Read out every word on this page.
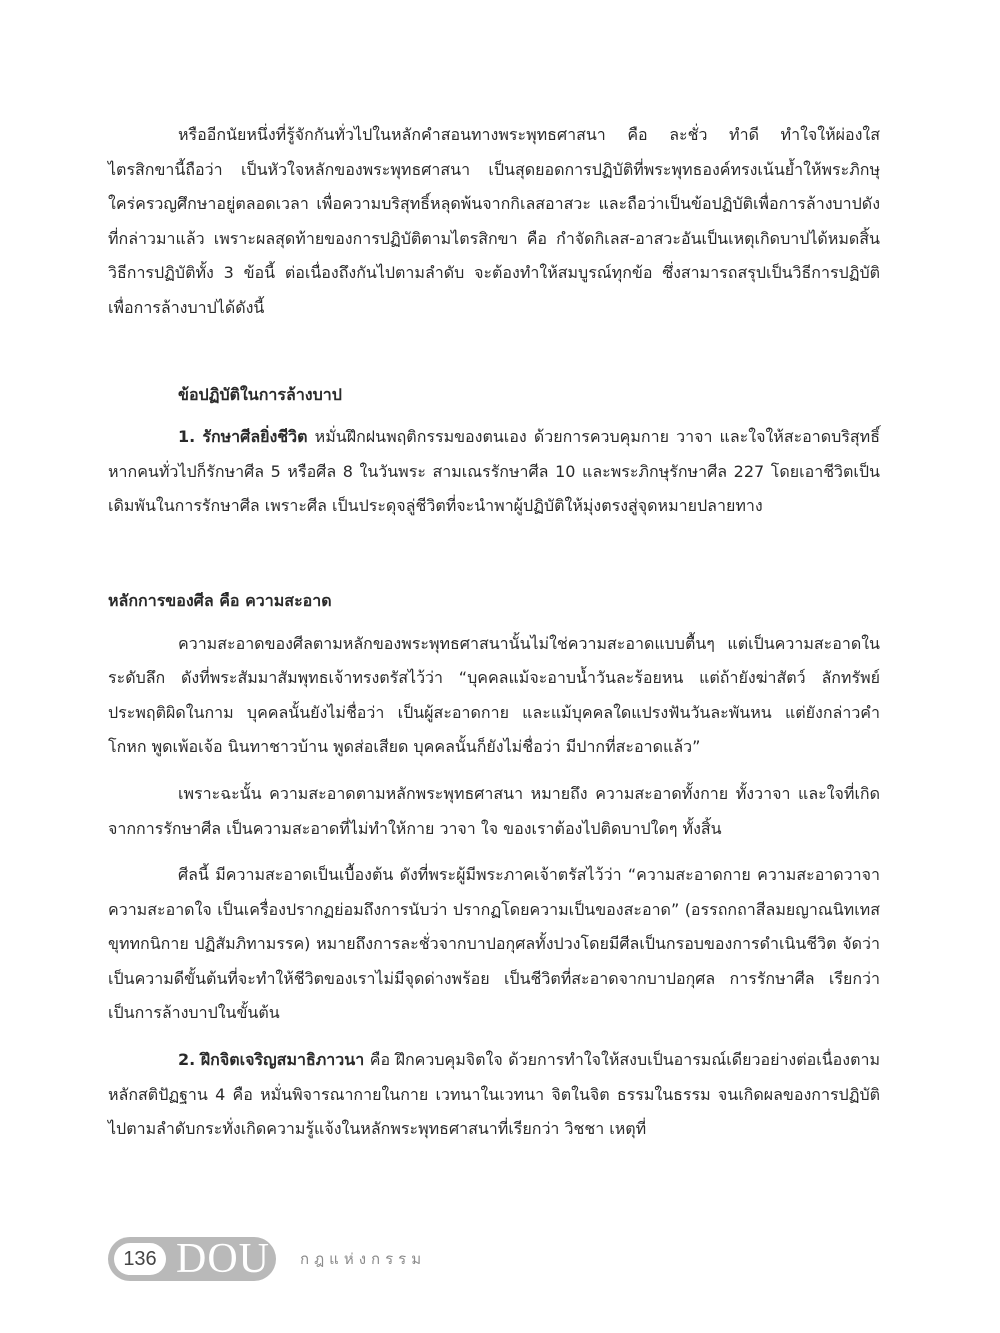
หรืออีกนัยหนึ่งที่รู้จักกันทั่วไปในหลักคำสอนทางพระพุทธศาสนา คือ ละชั่ว ทำดี ทำใจให้ผ่องใส ไตรสิกขานี้ถือว่า เป็นหัวใจหลักของพระพุทธศาสนา เป็นสุดยอดการปฏิบัติที่พระพุทธองค์ทรงเน้นย้ำให้พระภิกษุใคร่ครวญศึกษาอยู่ตลอดเวลา เพื่อความบริสุทธิ์หลุดพ้นจากกิเลสอาสวะ และถือว่าเป็นข้อปฏิบัติเพื่อการล้างบาปดังที่กล่าวมาแล้ว เพราะผลสุดท้ายของการปฏิบัติตามไตรสิกขา คือ กำจัดกิเลส-อาสวะอันเป็นเหตุเกิดบาปได้หมดสิ้น วิธีการปฏิบัติทั้ง 3 ข้อนี้ ต่อเนื่องถึงกันไปตามลำดับ จะต้องทำให้สมบูรณ์ทุกข้อ ซึ่งสามารถสรุปเป็นวิธีการปฏิบัติเพื่อการล้างบาปได้ดังนี้

ข้อปฏิบัติในการล้างบาป

1. รักษาศีลยิ่งชีวิต หมั่นฝึกฝนพฤติกรรมของตนเอง ด้วยการควบคุมกาย วาจา และใจให้สะอาดบริสุทธิ์ หากคนทั่วไปก็รักษาศีล 5 หรือศีล 8 ในวันพระ สามเณรรักษาศีล 10 และพระภิกษุรักษาศีล 227 โดยเอาชีวิตเป็นเดิมพันในการรักษาศีล เพราะศีล เป็นประดุจลู่ชีวิตที่จะนำพาผู้ปฏิบัติให้มุ่งตรงสู่จุดหมายปลายทาง

หลักการของศีล คือ ความสะอาด

ความสะอาดของศีลตามหลักของพระพุทธศาสนานั้นไม่ใช่ความสะอาดแบบตื้นๆ แต่เป็นความสะอาดในระดับลึก ดังที่พระสัมมาสัมพุทธเจ้าทรงตรัสไว้ว่า “บุคคลแม้จะอาบน้ำวันละร้อยหน แต่ถ้ายังฆ่าสัตว์ ลักทรัพย์ ประพฤติผิดในกาม บุคคลนั้นยังไม่ชื่อว่า เป็นผู้สะอาดกาย และแม้บุคคลใดแปรงฟันวันละพันหน แต่ยังกล่าวคำโกหก พูดเพ้อเจ้อ นินทาชาวบ้าน พูดส่อเสียด บุคคลนั้นก็ยังไม่ชื่อว่า มีปากที่สะอาดแล้ว”

เพราะฉะนั้น ความสะอาดตามหลักพระพุทธศาสนา หมายถึง ความสะอาดทั้งกาย ทั้งวาจา และใจที่เกิดจากการรักษาศีล เป็นความสะอาดที่ไม่ทำให้กาย วาจา ใจ ของเราต้องไปติดบาปใดๆ ทั้งสิ้น

ศีลนี้ มีความสะอาดเป็นเบื้องต้น ดังที่พระผู้มีพระภาคเจ้าตรัสไว้ว่า “ความสะอาดกาย ความสะอาดวาจา ความสะอาดใจ เป็นเครื่องปรากฏย่อมถึงการนับว่า ปรากฏโดยความเป็นของสะอาด” (อรรถกถาสีลมยญาณนิทเทส ขุททกนิกาย ปฏิสัมภิทามรรค) หมายถึงการละชั่วจากบาปอกุศลทั้งปวงโดยมีศีลเป็นกรอบของการดำเนินชีวิต จัดว่าเป็นความดีขั้นต้นที่จะทำให้ชีวิตของเราไม่มีจุดด่างพร้อย เป็นชีวิตที่สะอาดจากบาปอกุศล การรักษาศีล เรียกว่าเป็นการล้างบาปในขั้นต้น

2. ฝึกจิตเจริญสมาธิภาวนา คือ ฝึกควบคุมจิตใจ ด้วยการทำใจให้สงบเป็นอารมณ์เดียวอย่างต่อเนื่องตามหลักสติปัฏฐาน 4 คือ หมั่นพิจารณากายในกาย เวทนาในเวทนา จิตในจิต ธรรมในธรรม จนเกิดผลของการปฏิบัติไปตามลำดับกระทั่งเกิดความรู้แจ้งในหลักพระพุทธศาสนาที่เรียกว่า วิชชา เหตุที่

136 DOU กฎแห่งกรรม
